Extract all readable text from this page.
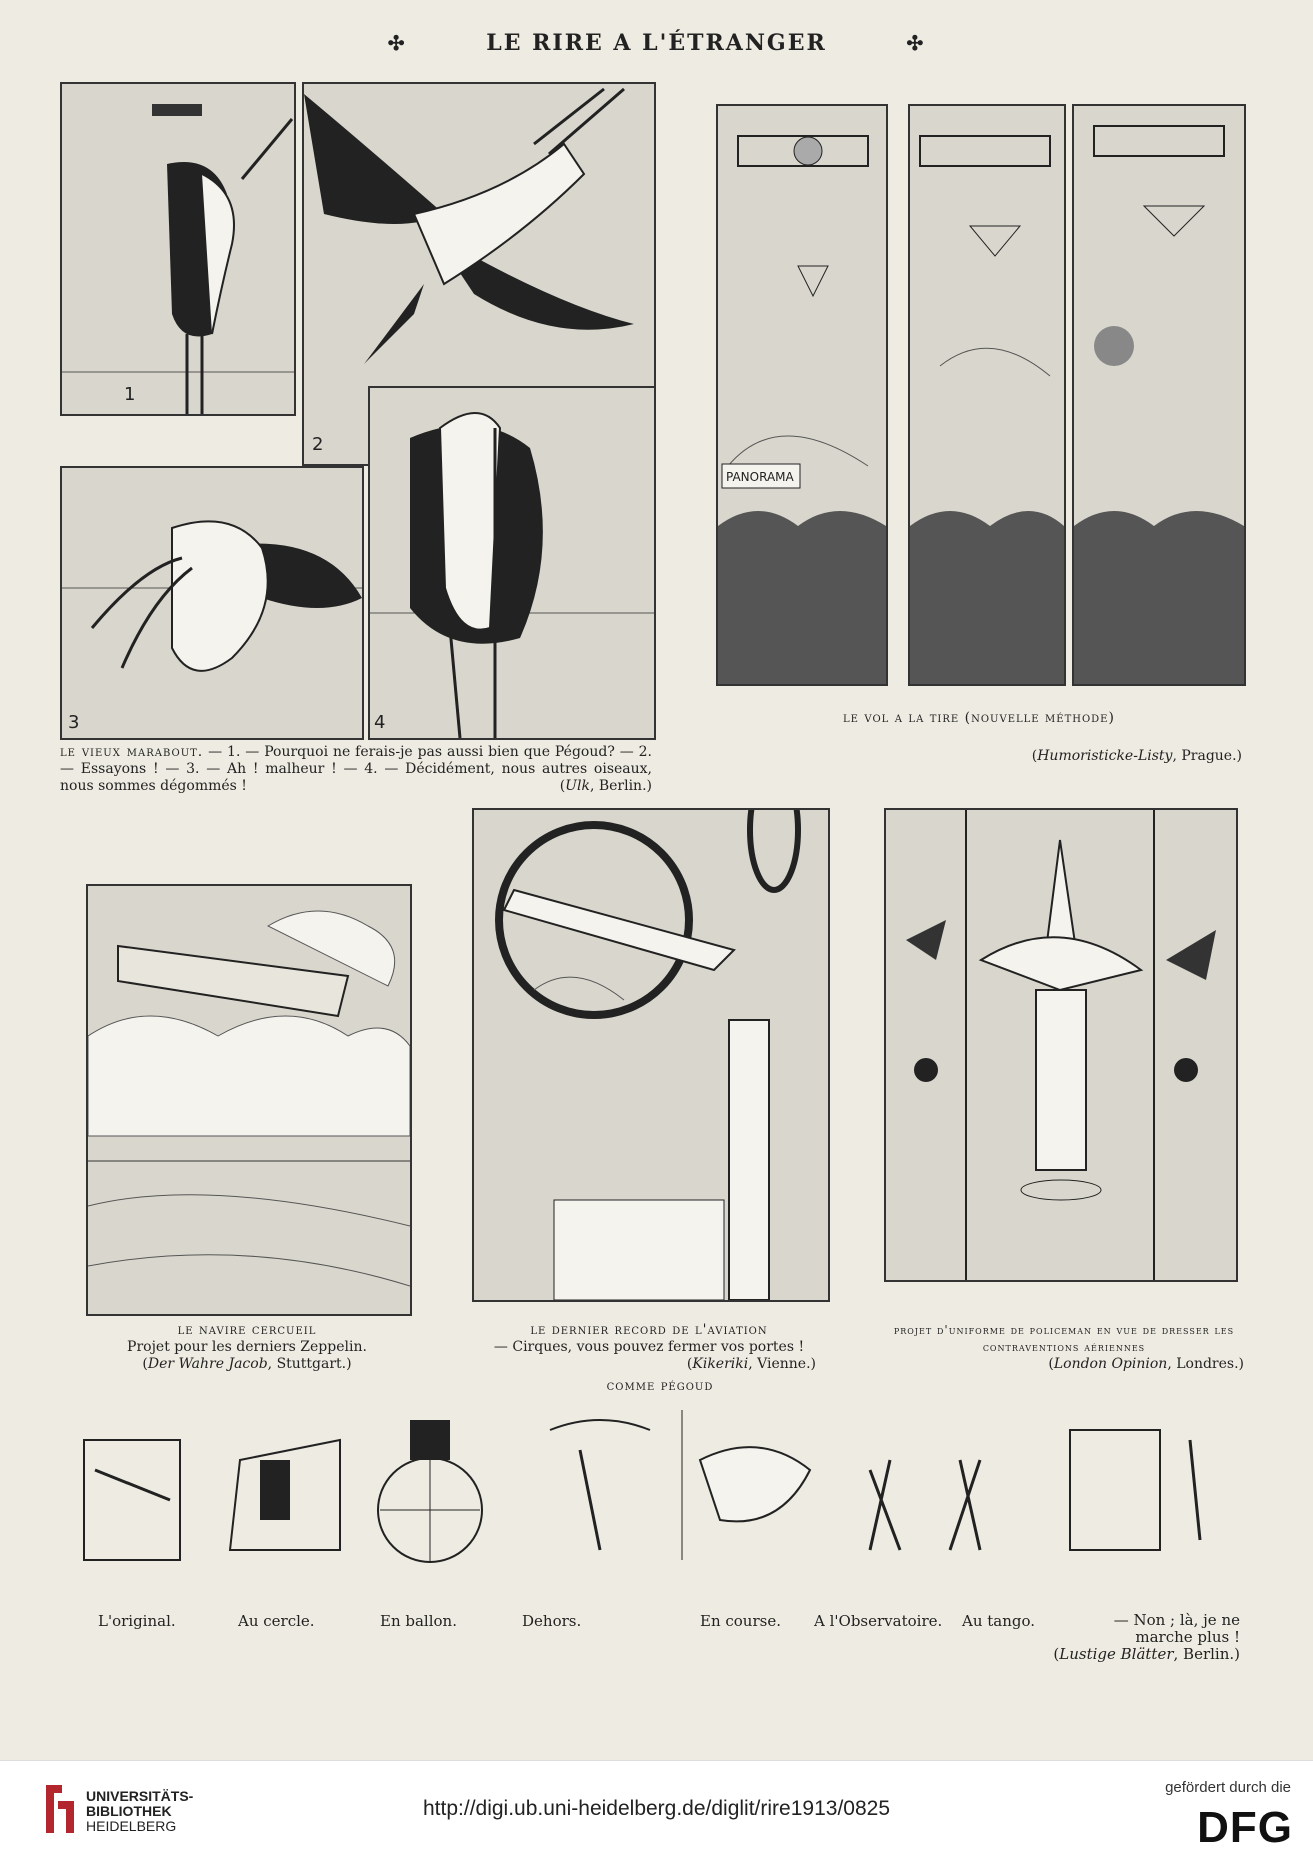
✣	LE RIRE A L'ÉTRANGER	✣
1
2
3	4
le vieux marabout. — 1. — Pourquoi ne ferais-je pas aussi bien que Pégoud? — 2. — Essayons ! — 3. — Ah ! malheur ! — 4. — Décidément, nous autres oiseaux, nous sommes dégommés !	(Ulk, Berlin.)
PANORAMA
le vol a la tire (nouvelle méthode)
(Humoristicke-Listy, Prague.)
le navire cercueil
Projet pour les derniers Zeppelin.
(Der Wahre Jacob, Stuttgart.)
le dernier record de l'aviation
— Cirques, vous pouvez fermer vos portes !
(Kikeriki, Vienne.)
projet d'uniforme de policeman en vue de dresser les contraventions aériennes
(London Opinion, Londres.)
comme pégoud
L'original.	Au cercle.	En ballon.	Dehors.	En course. A l'Observatoire. Au tango.	— Non ; là, je ne
marche plus !
(Lustige Blätter, Berlin.)
UNIVERSITÄTS-
BIBLIOTHEK
HEIDELBERG
http://digi.ub.uni-heidelberg.de/diglit/rire1913/0825
gefördert durch die
DFG
